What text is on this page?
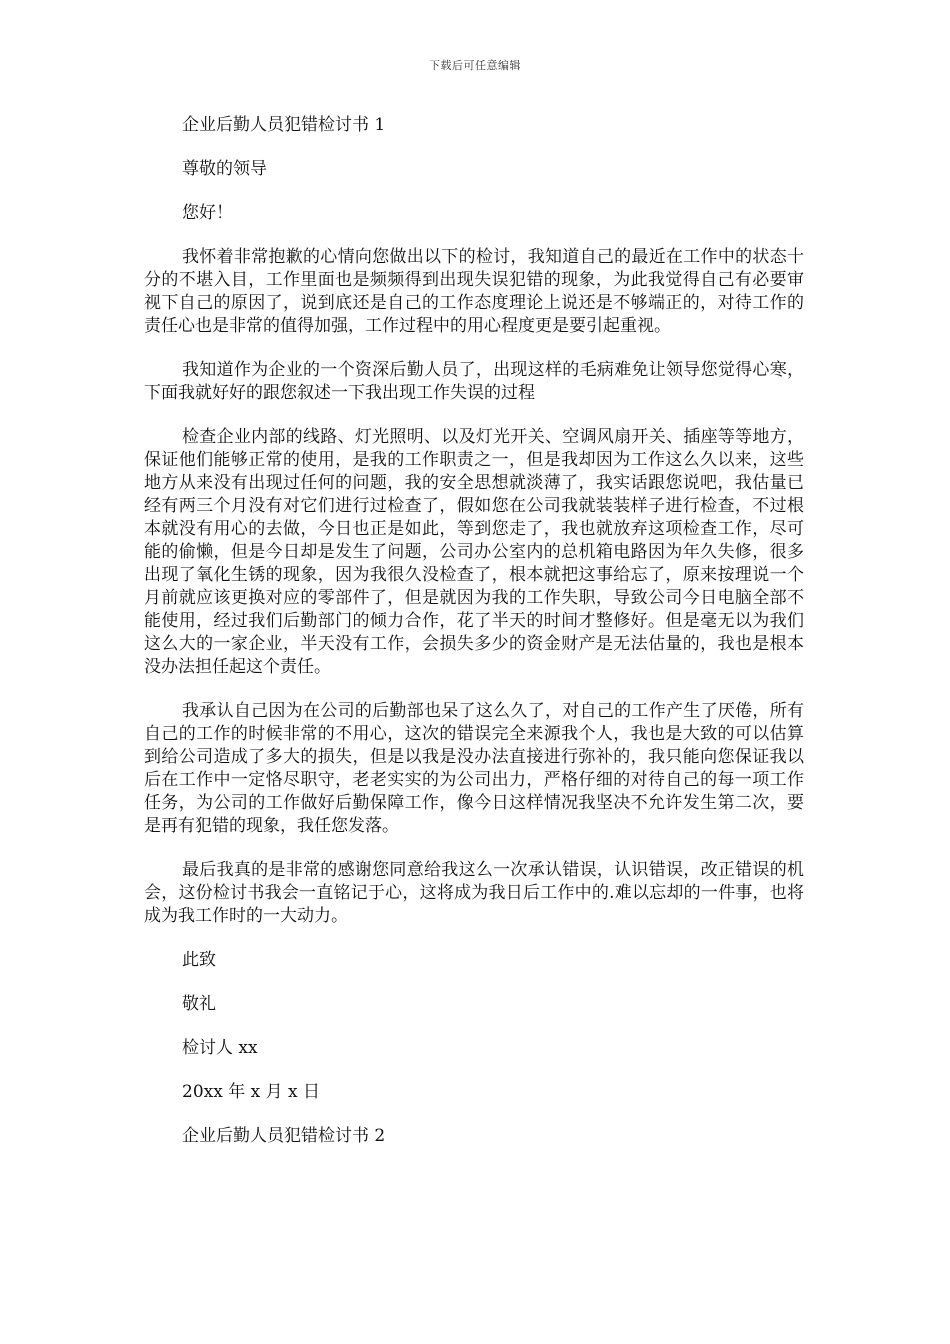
下载后可任意编辑

企业后勤人员犯错检讨书 1

尊敬的领导

您好！

我怀着非常抱歉的心情向您做出以下的检讨，我知道自己的最近在工作中的状态十分的不堪入目，工作里面也是频频得到出现失误犯错的现象，为此我觉得自己有必要审视下自己的原因了，说到底还是自己的工作态度理论上说还是不够端正的，对待工作的责任心也是非常的值得加强，工作过程中的用心程度更是要引起重视。

我知道作为企业的一个资深后勤人员了，出现这样的毛病难免让领导您觉得心寒，下面我就好好的跟您叙述一下我出现工作失误的过程

检查企业内部的线路、灯光照明、以及灯光开关、空调风扇开关、插座等等地方，保证他们能够正常的使用，是我的工作职责之一，但是我却因为工作这么久以来，这些地方从来没有出现过任何的问题，我的安全思想就淡薄了，我实话跟您说吧，我估量已经有两三个月没有对它们进行过检查了，假如您在公司我就装装样子进行检查，不过根本就没有用心的去做，今日也正是如此，等到您走了，我也就放弃这项检查工作，尽可能的偷懒，但是今日却是发生了问题，公司办公室内的总机箱电路因为年久失修，很多出现了氧化生锈的现象，因为我很久没检查了，根本就把这事给忘了，原来按理说一个月前就应该更换对应的零部件了，但是就因为我的工作失职，导致公司今日电脑全部不能使用，经过我们后勤部门的倾力合作，花了半天的时间才整修好。但是毫无以为我们这么大的一家企业，半天没有工作，会损失多少的资金财产是无法估量的，我也是根本没办法担任起这个责任。

我承认自己因为在公司的后勤部也呆了这么久了，对自己的工作产生了厌倦，所有自己的工作的时候非常的不用心，这次的错误完全来源我个人，我也是大致的可以估算到给公司造成了多大的损失，但是以我是没办法直接进行弥补的，我只能向您保证我以后在工作中一定恪尽职守，老老实实的为公司出力，严格仔细的对待自己的每一项工作任务，为公司的工作做好后勤保障工作，像今日这样情况我坚决不允许发生第二次，要是再有犯错的现象，我任您发落。

最后我真的是非常的感谢您同意给我这么一次承认错误，认识错误，改正错误的机会，这份检讨书我会一直铭记于心，这将成为我日后工作中的.难以忘却的一件事，也将成为我工作时的一大动力。

此致

敬礼

检讨人 xx

20xx 年 x 月 x 日

企业后勤人员犯错检讨书 2
